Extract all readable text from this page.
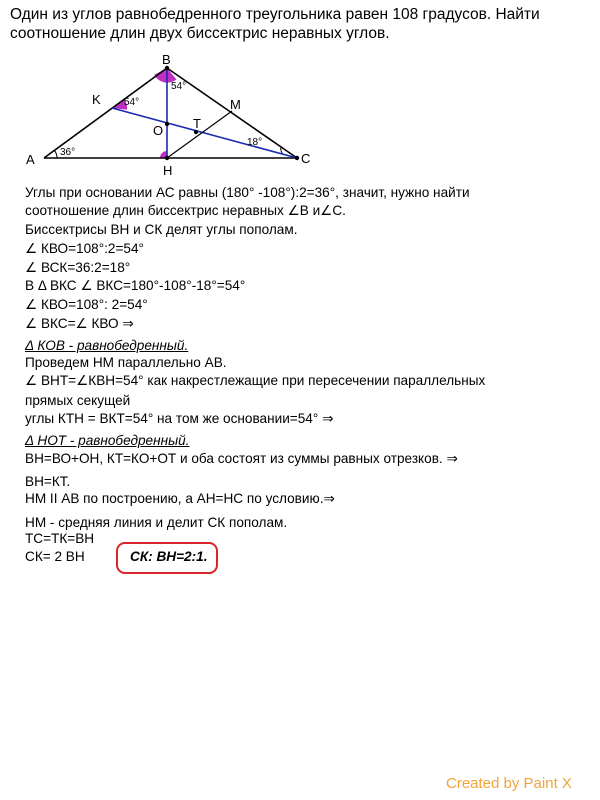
Один из углов равнобедренного треугольника равен 108 градусов. Найти
соотношение длин двух биссектрис неравных углов.
A
B
C
H
K	M
O T
36°
54°
54°
18°
Углы при основании АС равны (180° -108°):2=36°, значит, нужно найти
соотношение длин биссектрис неравных ∠В и∠С.
Биссектрисы ВН и СК делят углы пополам.
∠ КВО=108°:2=54°
∠ ВСК=36:2=18°
В Δ ВКС ∠ ВКС=180°-108°-18°=54°
∠ КВО=108°: 2=54°
∠ ВКС=∠ КВО ⇒
Δ КОВ - равнобедренный.
Проведем НМ параллельно АВ.
∠ ВНТ=∠КВН=54° как накрестлежащие при пересечении параллельных
прямых секущей
углы КТН = ВКТ=54° на том же основании=54° ⇒
Δ НОТ - равнобедренный.
ВН=ВО+ОН, КТ=КО+ОТ и оба состоят из суммы равных отрезков. ⇒
ВН=КТ.
НМ II АВ по построению, а АН=НС по условию.⇒
НМ - средняя линия и делит СК пополам.
ТС=ТК=ВН
СК= 2 ВН	СК: ВН=2:1.
Created by Paint X
